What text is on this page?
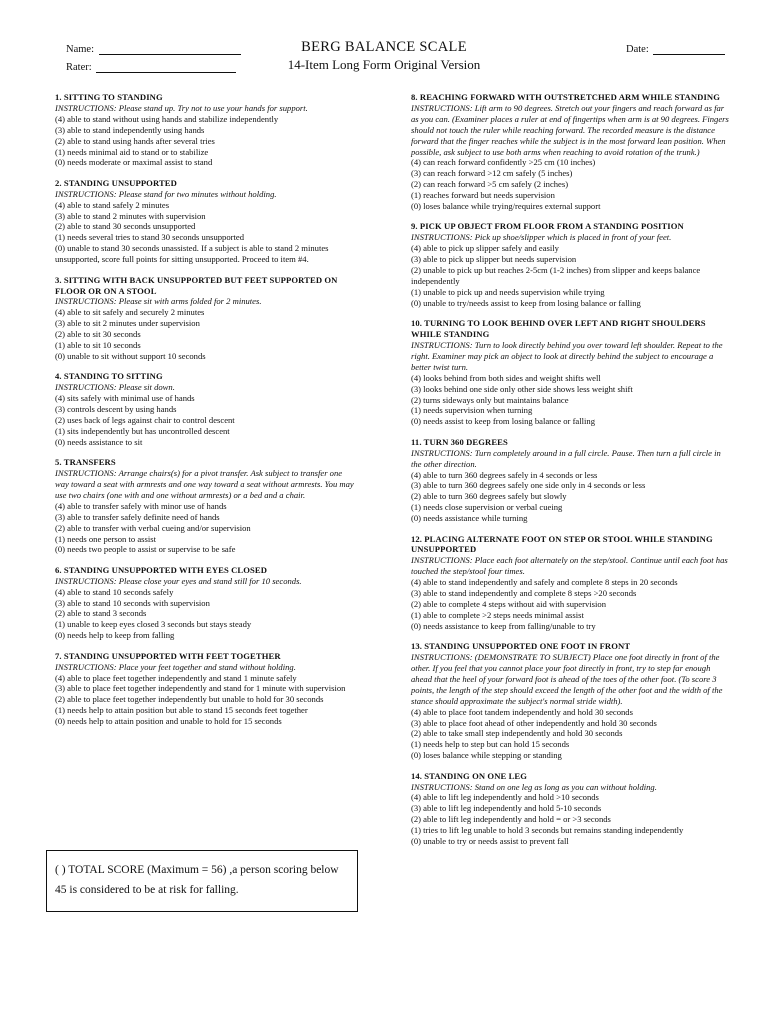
Name:
Rater:
Date:
BERG BALANCE SCALE
14-Item Long Form Original Version
1. SITTING TO STANDING
INSTRUCTIONS: Please stand up. Try not to use your hands for support.
(4) able to stand without using hands and stabilize independently
(3) able to stand independently using hands
(2) able to stand using hands after several tries
(1) needs minimal aid to stand or to stabilize
(0) needs moderate or maximal assist to stand
2. STANDING UNSUPPORTED
INSTRUCTIONS: Please stand for two minutes without holding.
(4) able to stand safely 2 minutes
(3) able to stand 2 minutes with supervision
(2) able to stand 30 seconds unsupported
(1) needs several tries to stand 30 seconds unsupported
(0) unable to stand 30 seconds unassisted. If a subject is able to stand 2 minutes unsupported, score full points for sitting unsupported. Proceed to item #4.
3. SITTING WITH BACK UNSUPPORTED BUT FEET SUPPORTED ON FLOOR OR ON A STOOL
INSTRUCTIONS: Please sit with arms folded for 2 minutes.
(4) able to sit safely and securely 2 minutes
(3) able to sit 2 minutes under supervision
(2) able to sit 30 seconds
(1) able to sit 10 seconds
(0) unable to sit without support 10 seconds
4. STANDING TO SITTING
INSTRUCTIONS: Please sit down.
(4) sits safely with minimal use of hands
(3) controls descent by using hands
(2) uses back of legs against chair to control descent
(1) sits independently but has uncontrolled descent
(0) needs assistance to sit
5. TRANSFERS
INSTRUCTIONS: Arrange chairs(s) for a pivot transfer. Ask subject to transfer one way toward a seat with armrests and one way toward a seat without armrests. You may use two chairs (one with and one without armrests) or a bed and a chair.
(4) able to transfer safely with minor use of hands
(3) able to transfer safely definite need of hands
(2) able to transfer with verbal cueing and/or supervision
(1) needs one person to assist
(0) needs two people to assist or supervise to be safe
6. STANDING UNSUPPORTED WITH EYES CLOSED
INSTRUCTIONS: Please close your eyes and stand still for 10 seconds.
(4) able to stand 10 seconds safely
(3) able to stand 10 seconds with supervision
(2) able to stand 3 seconds
(1) unable to keep eyes closed 3 seconds but stays steady
(0) needs help to keep from falling
7. STANDING UNSUPPORTED WITH FEET TOGETHER
INSTRUCTIONS: Place your feet together and stand without holding.
(4) able to place feet together independently and stand 1 minute safely
(3) able to place feet together independently and stand for 1 minute with supervision
(2) able to place feet together independently but unable to hold for 30 seconds
(1) needs help to attain position but able to stand 15 seconds feet together
(0) needs help to attain position and unable to hold for 15 seconds
( ) TOTAL SCORE (Maximum = 56) ,a person scoring below 45 is considered to be at risk for falling.
8. REACHING FORWARD WITH OUTSTRETCHED ARM WHILE STANDING
INSTRUCTIONS: Lift arm to 90 degrees. Stretch out your fingers and reach forward as far as you can. (Examiner places a ruler at end of fingertips when arm is at 90 degrees. Fingers should not touch the ruler while reaching forward. The recorded measure is the distance forward that the finger reaches while the subject is in the most forward lean position. When possible, ask subject to use both arms when reaching to avoid rotation of the trunk.)
(4) can reach forward confidently >25 cm (10 inches)
(3) can reach forward >12 cm safely (5 inches)
(2) can reach forward >5 cm safely (2 inches)
(1) reaches forward but needs supervision
(0) loses balance while trying/requires external support
9. PICK UP OBJECT FROM FLOOR FROM A STANDING POSITION
INSTRUCTIONS: Pick up shoe/slipper which is placed in front of your feet.
(4) able to pick up slipper safely and easily
(3) able to pick up slipper but needs supervision
(2) unable to pick up but reaches 2-5cm (1-2 inches) from slipper and keeps balance independently
(1) unable to pick up and needs supervision while trying
(0) unable to try/needs assist to keep from losing balance or falling
10. TURNING TO LOOK BEHIND OVER LEFT AND RIGHT SHOULDERS WHILE STANDING
INSTRUCTIONS: Turn to look directly behind you over toward left shoulder. Repeat to the right. Examiner may pick an object to look at directly behind the subject to encourage a better twist turn.
(4) looks behind from both sides and weight shifts well
(3) looks behind one side only other side shows less weight shift
(2) turns sideways only but maintains balance
(1) needs supervision when turning
(0) needs assist to keep from losing balance or falling
11. TURN 360 DEGREES
INSTRUCTIONS: Turn completely around in a full circle. Pause. Then turn a full circle in the other direction.
(4) able to turn 360 degrees safely in 4 seconds or less
(3) able to turn 360 degrees safely one side only in 4 seconds or less
(2) able to turn 360 degrees safely but slowly
(1) needs close supervision or verbal cueing
(0) needs assistance while turning
12. PLACING ALTERNATE FOOT ON STEP OR STOOL WHILE STANDING UNSUPPORTED
INSTRUCTIONS: Place each foot alternately on the step/stool. Continue until each foot has touched the step/stool four times.
(4) able to stand independently and safely and complete 8 steps in 20 seconds
(3) able to stand independently and complete 8 steps >20 seconds
(2) able to complete 4 steps without aid with supervision
(1) able to complete >2 steps needs minimal assist
(0) needs assistance to keep from falling/unable to try
13. STANDING UNSUPPORTED ONE FOOT IN FRONT
INSTRUCTIONS: (DEMONSTRATE TO SUBJECT) Place one foot directly in front of the other. If you feel that you cannot place your foot directly in front, try to step far enough ahead that the heel of your forward foot is ahead of the toes of the other foot. (To score 3 points, the length of the step should exceed the length of the other foot and the width of the stance should approximate the subject's normal stride width).
(4) able to place foot tandem independently and hold 30 seconds
(3) able to place foot ahead of other independently and hold 30 seconds
(2) able to take small step independently and hold 30 seconds
(1) needs help to step but can hold 15 seconds
(0) loses balance while stepping or standing
14. STANDING ON ONE LEG
INSTRUCTIONS: Stand on one leg as long as you can without holding.
(4) able to lift leg independently and hold >10 seconds
(3) able to lift leg independently and hold 5-10 seconds
(2) able to lift leg independently and hold = or >3 seconds
(1) tries to lift leg unable to hold 3 seconds but remains standing independently
(0) unable to try or needs assist to prevent fall
